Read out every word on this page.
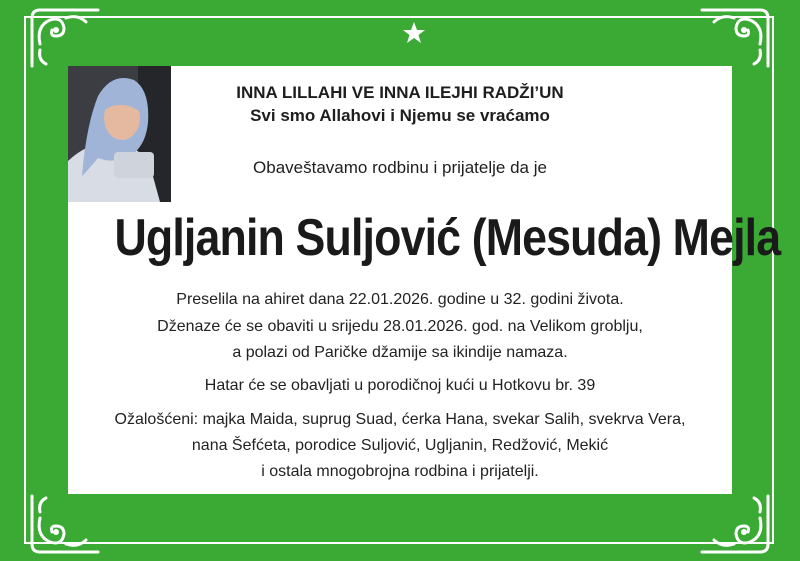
INNA LILLAHI VE INNA ILEJHI RADŽI’UN
Svi smo Allahovi i Njemu se vraćamo
Obaveštavamo rodbinu i prijatelje da je
Ugljanin Suljović (Mesuda) Mejla
Preselila na ahiret dana 22.01.2026. godine u 32. godini života.
Dženaze će se obaviti u srijedu 28.01.2026. god. na Velikom groblju,
a polazi od Paričke džamije sa ikindije namaza.
Hatar će se obavljati u porodičnoj kući u Hotkovu br. 39
Ožalošćeni: majka Maida, suprug Suad, ćerka Hana, svekar Salih, svekrva Vera,
nana Šefćeta, porodice Suljović, Ugljanin, Redžović, Mekić
i ostala mnogobrojna rodbina i prijatelji.
